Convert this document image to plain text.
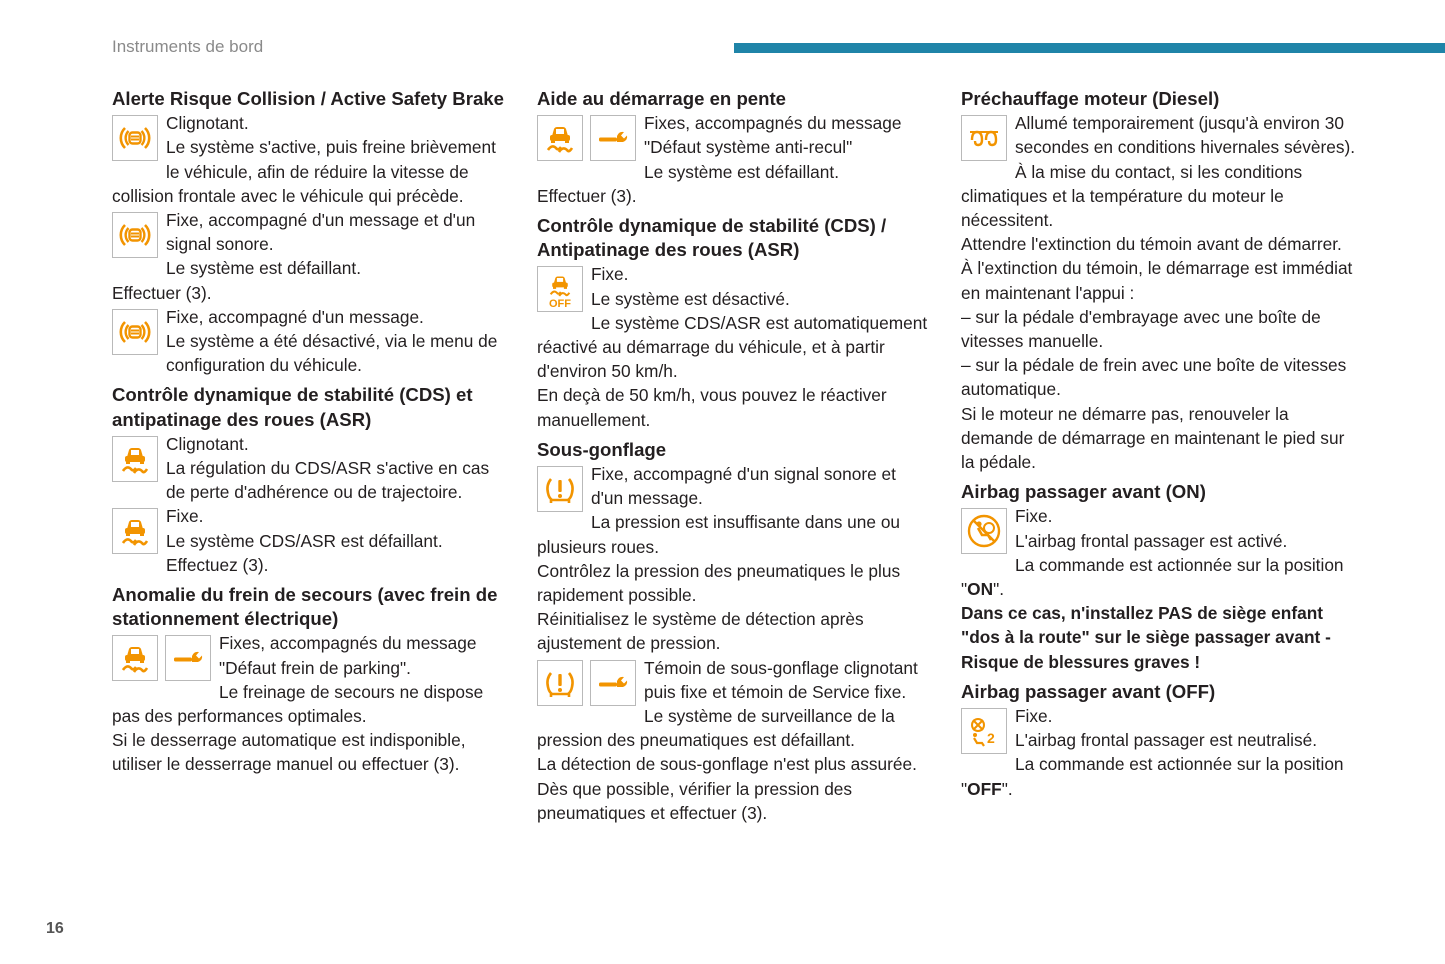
Instruments de bord
Alerte Risque Collision / Active Safety Brake

Clignotant.

Le système s'active, puis freine brièvement le véhicule, afin de réduire la vitesse de collision frontale avec le véhicule qui précède.

Fixe, accompagné d'un message et d'un signal sonore.

Le système est défaillant.

Effectuer (3).

Fixe, accompagné d'un message.

Le système a été désactivé, via le menu de configuration du véhicule.

Contrôle dynamique de stabilité (CDS) et antipatinage des roues (ASR)

Clignotant.

La régulation du CDS/ASR s'active en cas de perte d'adhérence ou de trajectoire.

Fixe.

Le système CDS/ASR est défaillant.

Effectuez (3).

Anomalie du frein de secours (avec frein de stationnement électrique)

Fixes, accompagnés du message "Défaut frein de parking".

Le freinage de secours ne dispose pas des performances optimales.

Si le desserrage automatique est indisponible, utiliser le desserrage manuel ou effectuer (3).

Aide au démarrage en pente

Fixes, accompagnés du message "Défaut système anti-recul"

Le système est défaillant.

Effectuer (3).

Contrôle dynamique de stabilité (CDS) / Antipatinage des roues (ASR)
OFF

Fixe.

Le système est désactivé.

Le système CDS/ASR est automatiquement réactivé au démarrage du véhicule, et à partir d'environ 50 km/h.

En deçà de 50 km/h, vous pouvez le réactiver manuellement.

Sous-gonflage

Fixe, accompagné d'un signal sonore et d'un message.

La pression est insuffisante dans une ou plusieurs roues.

Contrôlez la pression des pneumatiques le plus rapidement possible.

Réinitialisez le système de détection après ajustement de pression.

Témoin de sous-gonflage clignotant puis fixe et témoin de Service fixe.

Le système de surveillance de la pression des pneumatiques est défaillant.

La détection de sous-gonflage n'est plus assurée.

Dès que possible, vérifier la pression des pneumatiques et effectuer (3).

Préchauffage moteur (Diesel)

Allumé temporairement (jusqu'à environ 30 secondes en conditions hivernales sévères).

À la mise du contact, si les conditions climatiques et la température du moteur le nécessitent.

Attendre l'extinction du témoin avant de démarrer.

À l'extinction du témoin, le démarrage est immédiat en maintenant l'appui :

– sur la pédale d'embrayage avec une boîte de vitesses manuelle.

– sur la pédale de frein avec une boîte de vitesses automatique.

Si le moteur ne démarre pas, renouveler la demande de démarrage en maintenant le pied sur la pédale.

Airbag passager avant (ON)

Fixe.

L'airbag frontal passager est activé.

La commande est actionnée sur la position "ON".

Dans ce cas, n'installez PAS de siège enfant "dos à la route" sur le siège passager avant - Risque de blessures graves !

Airbag passager avant (OFF)

Fixe.

L'airbag frontal passager est neutralisé.

La commande est actionnée sur la position "OFF".

16
